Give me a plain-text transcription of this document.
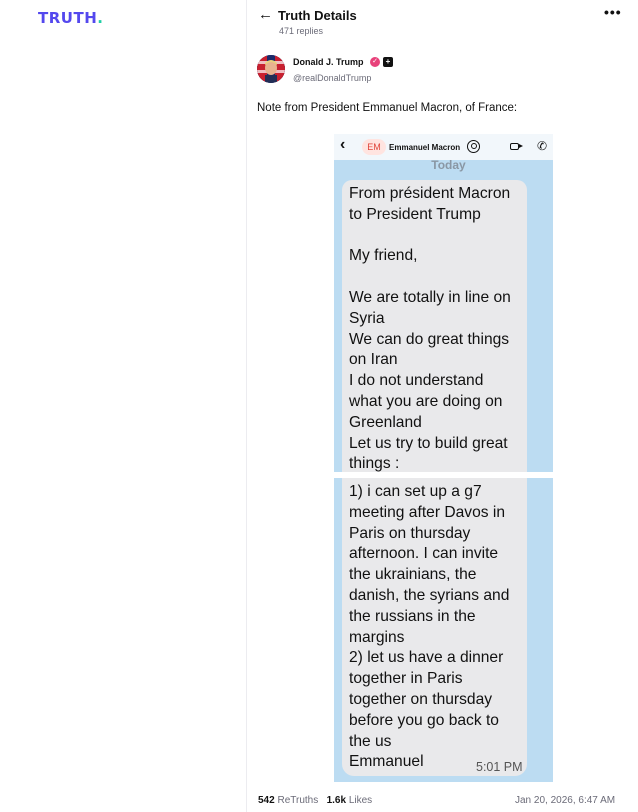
TRUTH.	← Truth Details
471 replies
•••
Donald J. Trump ✓ +
@realDonaldTrump
Note from President Emmanuel Macron, of France:
‹	EM	Emmanuel Macron	✆
Today
From président Macron
to President Trump

My friend,

We are totally in line on
Syria
We can do great things
on Iran
I do not understand
what you are doing on
Greenland
Let us try to build great
things :
1) i can set up a g7
meeting after Davos in
Paris on thursday
afternoon. I can invite
the ukrainians, the
danish, the syrians and
the russians in the
margins
2) let us have a dinner
together in Paris
together on thursday
before you go back to
the us
Emmanuel	5:01 PM
542 ReTruths 1.6k Likes	Jan 20, 2026, 6:47 AM
